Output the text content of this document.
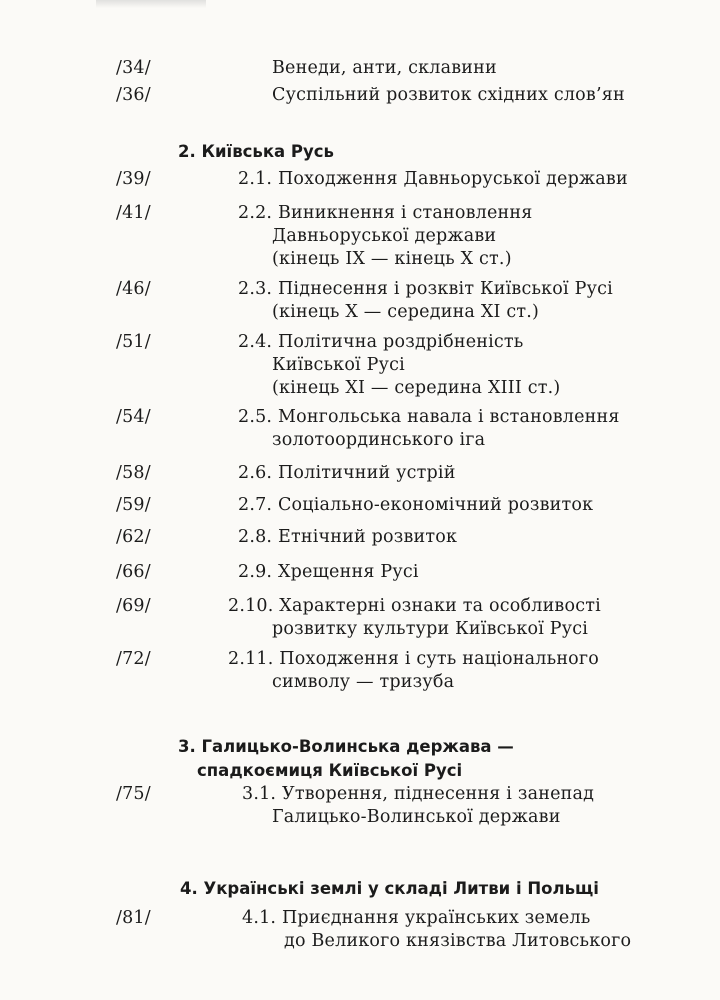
/34/	Венеди, анти, склавини
/36/	Суспільний розвиток східних слов’ян
2. Київська Русь
/39/	2.1. Походження Давньоруської держави
/41/	2.2. Виникнення і становлення
Давньоруської держави
(кінець IX — кінець X ст.)
/46/	2.3. Піднесення і розквіт Київської Русі
(кінець X — середина XI ст.)
/51/	2.4. Політична роздрібненість
Київської Русі
(кінець XI — середина XIII ст.)
/54/	2.5. Монгольська навала і встановлення
золотоординського іга
/58/	2.6. Політичний устрій
/59/	2.7. Соціально-економічний розвиток
/62/	2.8. Етнічний розвиток
/66/	2.9. Хрещення Русі
/69/	2.10. Характерні ознаки та особливості
розвитку культури Київської Русі
/72/	2.11. Походження і суть національного
символу — тризуба
3. Галицько-Волинська держава —
спадкоємиця Київської Русі
/75/	3.1. Утворення, піднесення і занепад
Галицько-Волинської держави
4. Українські землі у складі Литви і Польщі
/81/	4.1. Приєднання українських земель
до Великого князівства Литовського
